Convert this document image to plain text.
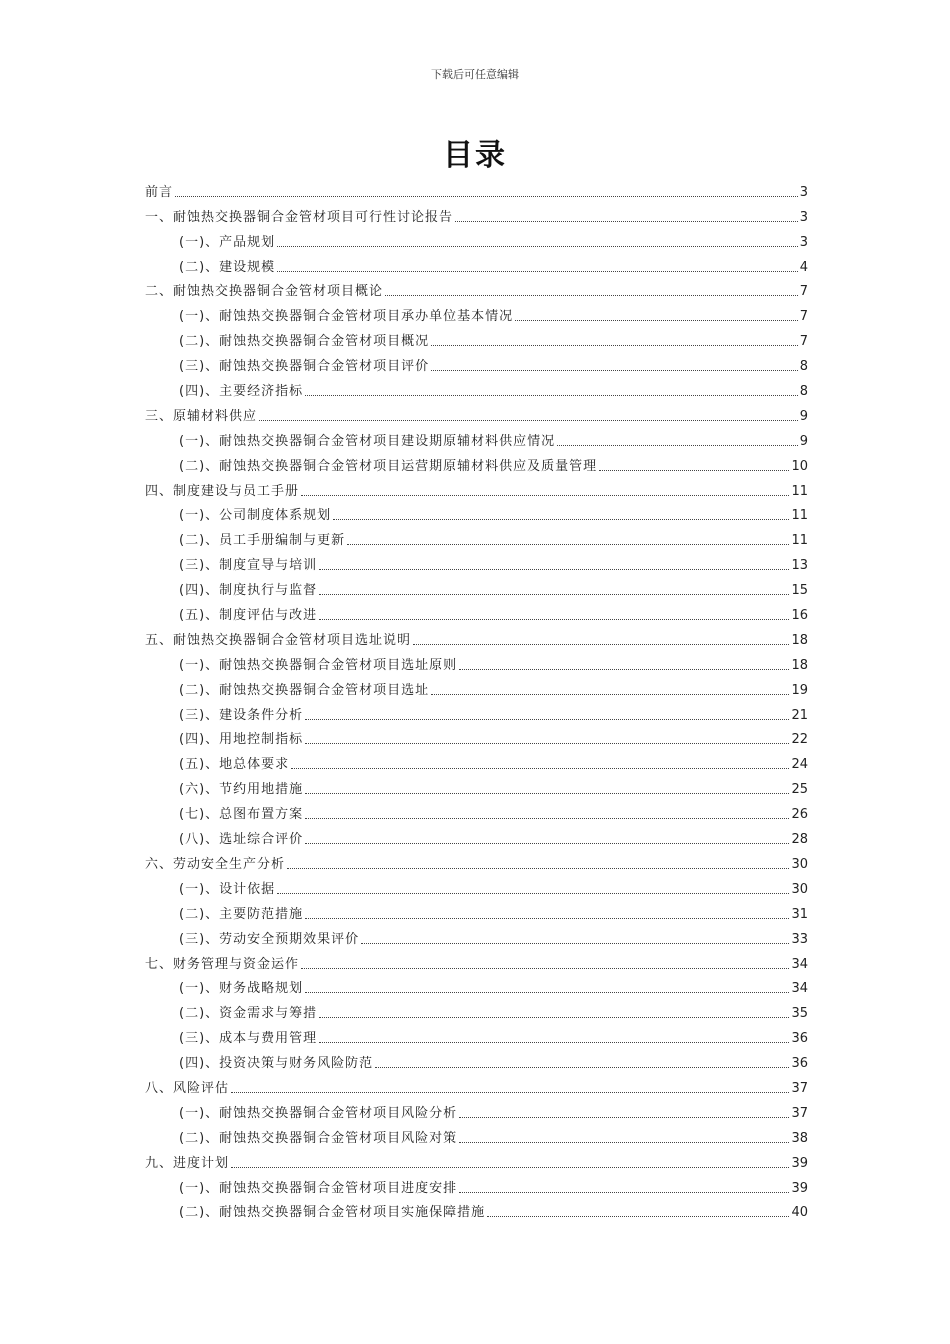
下载后可任意编辑
目录
前言	3
一、耐蚀热交换器铜合金管材项目可行性讨论报告	3
(一)、产品规划	3
(二)、建设规模	4
二、耐蚀热交换器铜合金管材项目概论	7
(一)、耐蚀热交换器铜合金管材项目承办单位基本情况	7
(二)、耐蚀热交换器铜合金管材项目概况	7
(三)、耐蚀热交换器铜合金管材项目评价	8
(四)、主要经济指标	8
三、原辅材料供应	9
(一)、耐蚀热交换器铜合金管材项目建设期原辅材料供应情况	9
(二)、耐蚀热交换器铜合金管材项目运营期原辅材料供应及质量管理	10
四、制度建设与员工手册	11
(一)、公司制度体系规划	11
(二)、员工手册编制与更新	11
(三)、制度宣导与培训	13
(四)、制度执行与监督	15
(五)、制度评估与改进	16
五、耐蚀热交换器铜合金管材项目选址说明	18
(一)、耐蚀热交换器铜合金管材项目选址原则	18
(二)、耐蚀热交换器铜合金管材项目选址	19
(三)、建设条件分析	21
(四)、用地控制指标	22
(五)、地总体要求	24
(六)、节约用地措施	25
(七)、总图布置方案	26
(八)、选址综合评价	28
六、劳动安全生产分析	30
(一)、设计依据	30
(二)、主要防范措施	31
(三)、劳动安全预期效果评价	33
七、财务管理与资金运作	34
(一)、财务战略规划	34
(二)、资金需求与筹措	35
(三)、成本与费用管理	36
(四)、投资决策与财务风险防范	36
八、风险评估	37
(一)、耐蚀热交换器铜合金管材项目风险分析	37
(二)、耐蚀热交换器铜合金管材项目风险对策	38
九、进度计划	39
(一)、耐蚀热交换器铜合金管材项目进度安排	39
(二)、耐蚀热交换器铜合金管材项目实施保障措施	40
